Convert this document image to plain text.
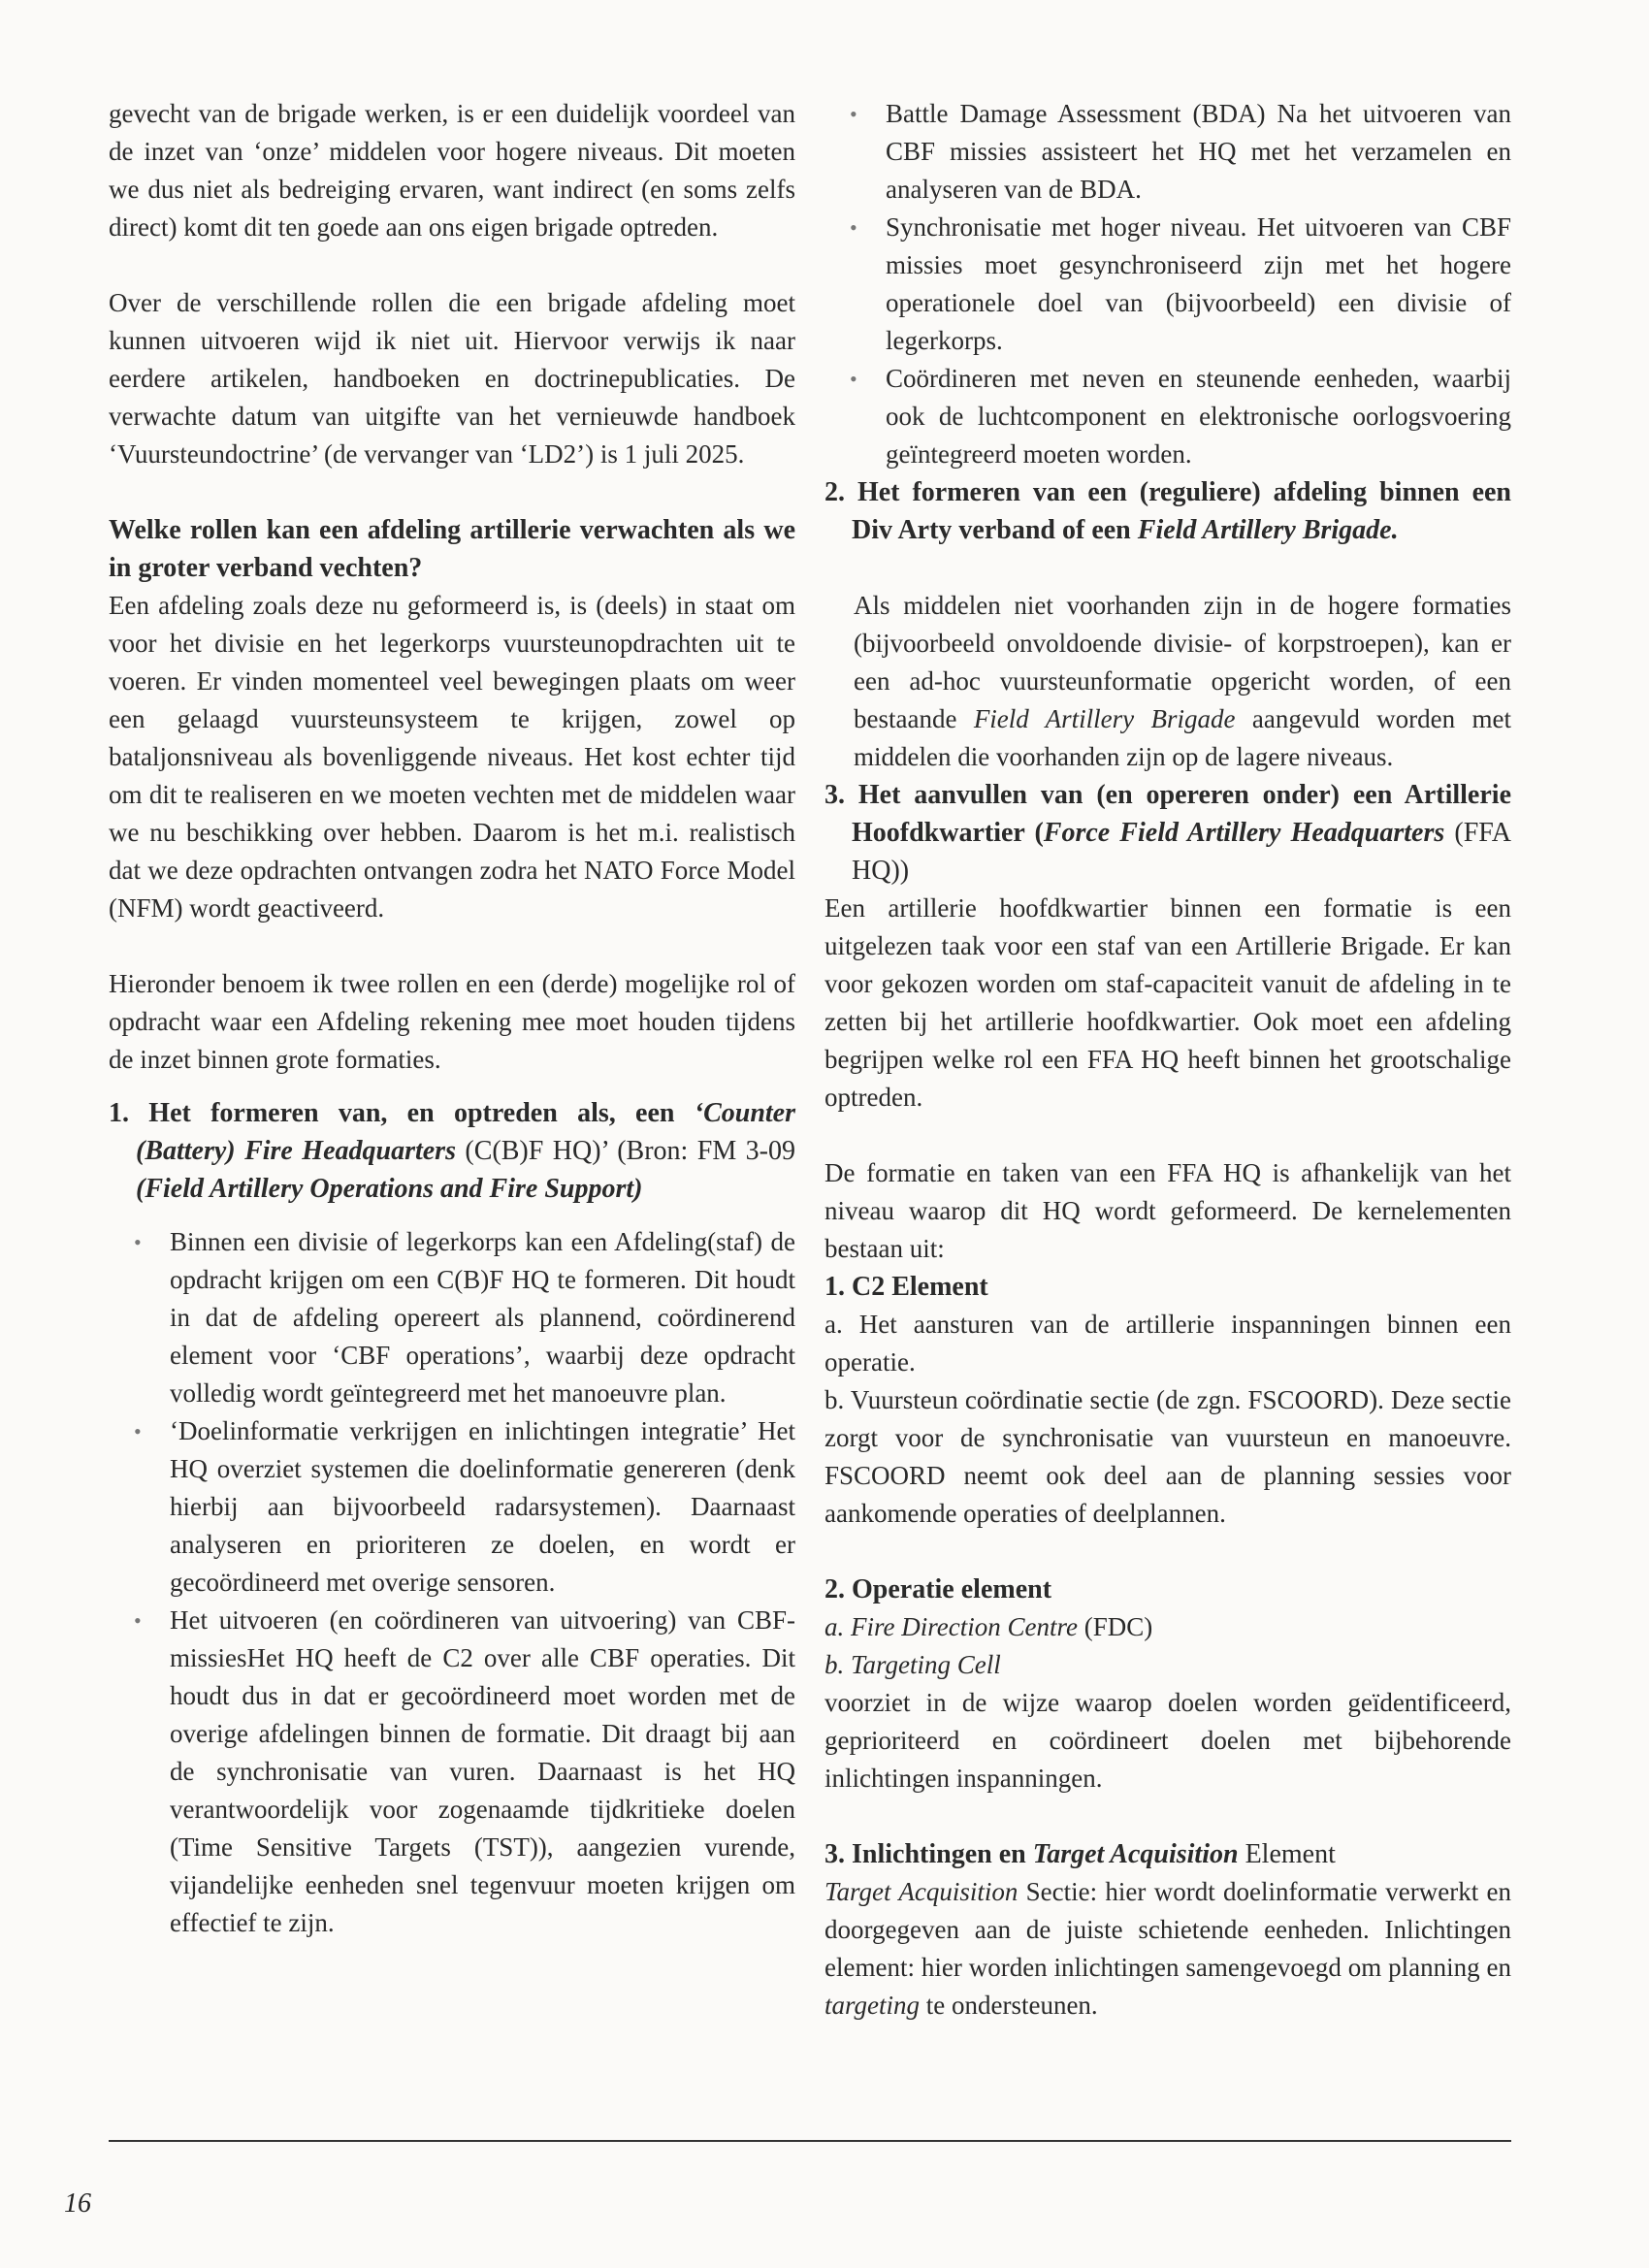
gevecht van de brigade werken, is er een duidelijk voordeel van de inzet van ‘onze’ middelen voor hogere niveaus. Dit moeten we dus niet als bedreiging ervaren, want indirect (en soms zelfs direct) komt dit ten goede aan ons eigen brigade optreden.
Over de verschillende rollen die een brigade afdeling moet kunnen uitvoeren wijd ik niet uit. Hiervoor verwijs ik naar eerdere artikelen, handboeken en doctrinepublicaties. De verwachte datum van uitgifte van het vernieuwde handboek ‘Vuursteundoctrine’ (de vervanger van ‘LD2’) is 1 juli 2025.
Welke rollen kan een afdeling artillerie verwachten als we in groter verband vechten?
Een afdeling zoals deze nu geformeerd is, is (deels) in staat om voor het divisie en het legerkorps vuursteunopdrachten uit te voeren. Er vinden momenteel veel bewegingen plaats om weer een gelaagd vuursteunsysteem te krijgen, zowel op bataljonsniveau als bovenliggende niveaus. Het kost echter tijd om dit te realiseren en we moeten vechten met de middelen waar we nu beschikking over hebben. Daarom is het m.i. realistisch dat we deze opdrachten ontvangen zodra het NATO Force Model (NFM) wordt geactiveerd.
Hieronder benoem ik twee rollen en een (derde) mogelijke rol of opdracht waar een Afdeling rekening mee moet houden tijdens de inzet binnen grote formaties.
1. Het formeren van, en optreden als, een ‘Counter (Battery) Fire Headquarters (C(B)F HQ)’ (Bron: FM 3-09 (Field Artillery Operations and Fire Support)
• Binnen een divisie of legerkorps kan een Afdeling(staf) de opdracht krijgen om een C(B)F HQ te formeren. Dit houdt in dat de afdeling opereert als plannend, coördinerend element voor ‘CBF operations’, waarbij deze opdracht volledig wordt geïntegreerd met het manoeuvre plan.
• ‘Doelinformatie verkrijgen en inlichtingen integratie’ Het HQ overziet systemen die doelinformatie genereren (denk hierbij aan bijvoorbeeld radarsystemen). Daarnaast analyseren en prioriteren ze doelen, en wordt er gecoördineerd met overige sensoren.
• Het uitvoeren (en coördineren van uitvoering) van CBF-missiesHet HQ heeft de C2 over alle CBF operaties. Dit houdt dus in dat er gecoördineerd moet worden met de overige afdelingen binnen de formatie. Dit draagt bij aan de synchronisatie van vuren. Daarnaast is het HQ verantwoordelijk voor zogenaamde tijdkritieke doelen (Time Sensitive Targets (TST)), aangezien vurende, vijandelijke eenheden snel tegenvuur moeten krijgen om effectief te zijn.
• Battle Damage Assessment (BDA) Na het uitvoeren van CBF missies assisteert het HQ met het verzamelen en analyseren van de BDA.
• Synchronisatie met hoger niveau. Het uitvoeren van CBF missies moet gesynchroniseerd zijn met het hogere operationele doel van (bijvoorbeeld) een divisie of legerkorps.
• Coördineren met neven en steunende eenheden, waarbij ook de luchtcomponent en elektronische oorlogsvoering geïntegreerd moeten worden.
2. Het formeren van een (reguliere) afdeling binnen een Div Arty verband of een Field Artillery Brigade.
Als middelen niet voorhanden zijn in de hogere formaties (bijvoorbeeld onvoldoende divisie- of korpstroepen), kan er een ad-hoc vuursteunformatie opgericht worden, of een bestaande Field Artillery Brigade aangevuld worden met middelen die voorhanden zijn op de lagere niveaus.
3. Het aanvullen van (en opereren onder) een Artillerie Hoofdkwartier (Force Field Artillery Headquarters (FFA HQ))
Een artillerie hoofdkwartier binnen een formatie is een uitgelezen taak voor een staf van een Artillerie Brigade. Er kan voor gekozen worden om staf-capaciteit vanuit de afdeling in te zetten bij het artillerie hoofdkwartier. Ook moet een afdeling begrijpen welke rol een FFA HQ heeft binnen het grootschalige optreden.
De formatie en taken van een FFA HQ is afhankelijk van het niveau waarop dit HQ wordt geformeerd. De kernelementen bestaan uit:
1. C2 Element
a. Het aansturen van de artillerie inspanningen binnen een operatie.
b. Vuursteun coördinatie sectie (de zgn. FSCOORD). Deze sectie zorgt voor de synchronisatie van vuursteun en manoeuvre. FSCOORD neemt ook deel aan de planning sessies voor aankomende operaties of deelplannen.
2. Operatie element
a. Fire Direction Centre (FDC)
b. Targeting Cell
voorziet in de wijze waarop doelen worden geïdentificeerd, geprioriteerd en coördineert doelen met bijbehorende inlichtingen inspanningen.
3. Inlichtingen en Target Acquisition Element
Target Acquisition Sectie: hier wordt doelinformatie verwerkt en doorgegeven aan de juiste schietende eenheden. Inlichtingen element: hier worden inlichtingen samengevoegd om planning en targeting te ondersteunen.
16
